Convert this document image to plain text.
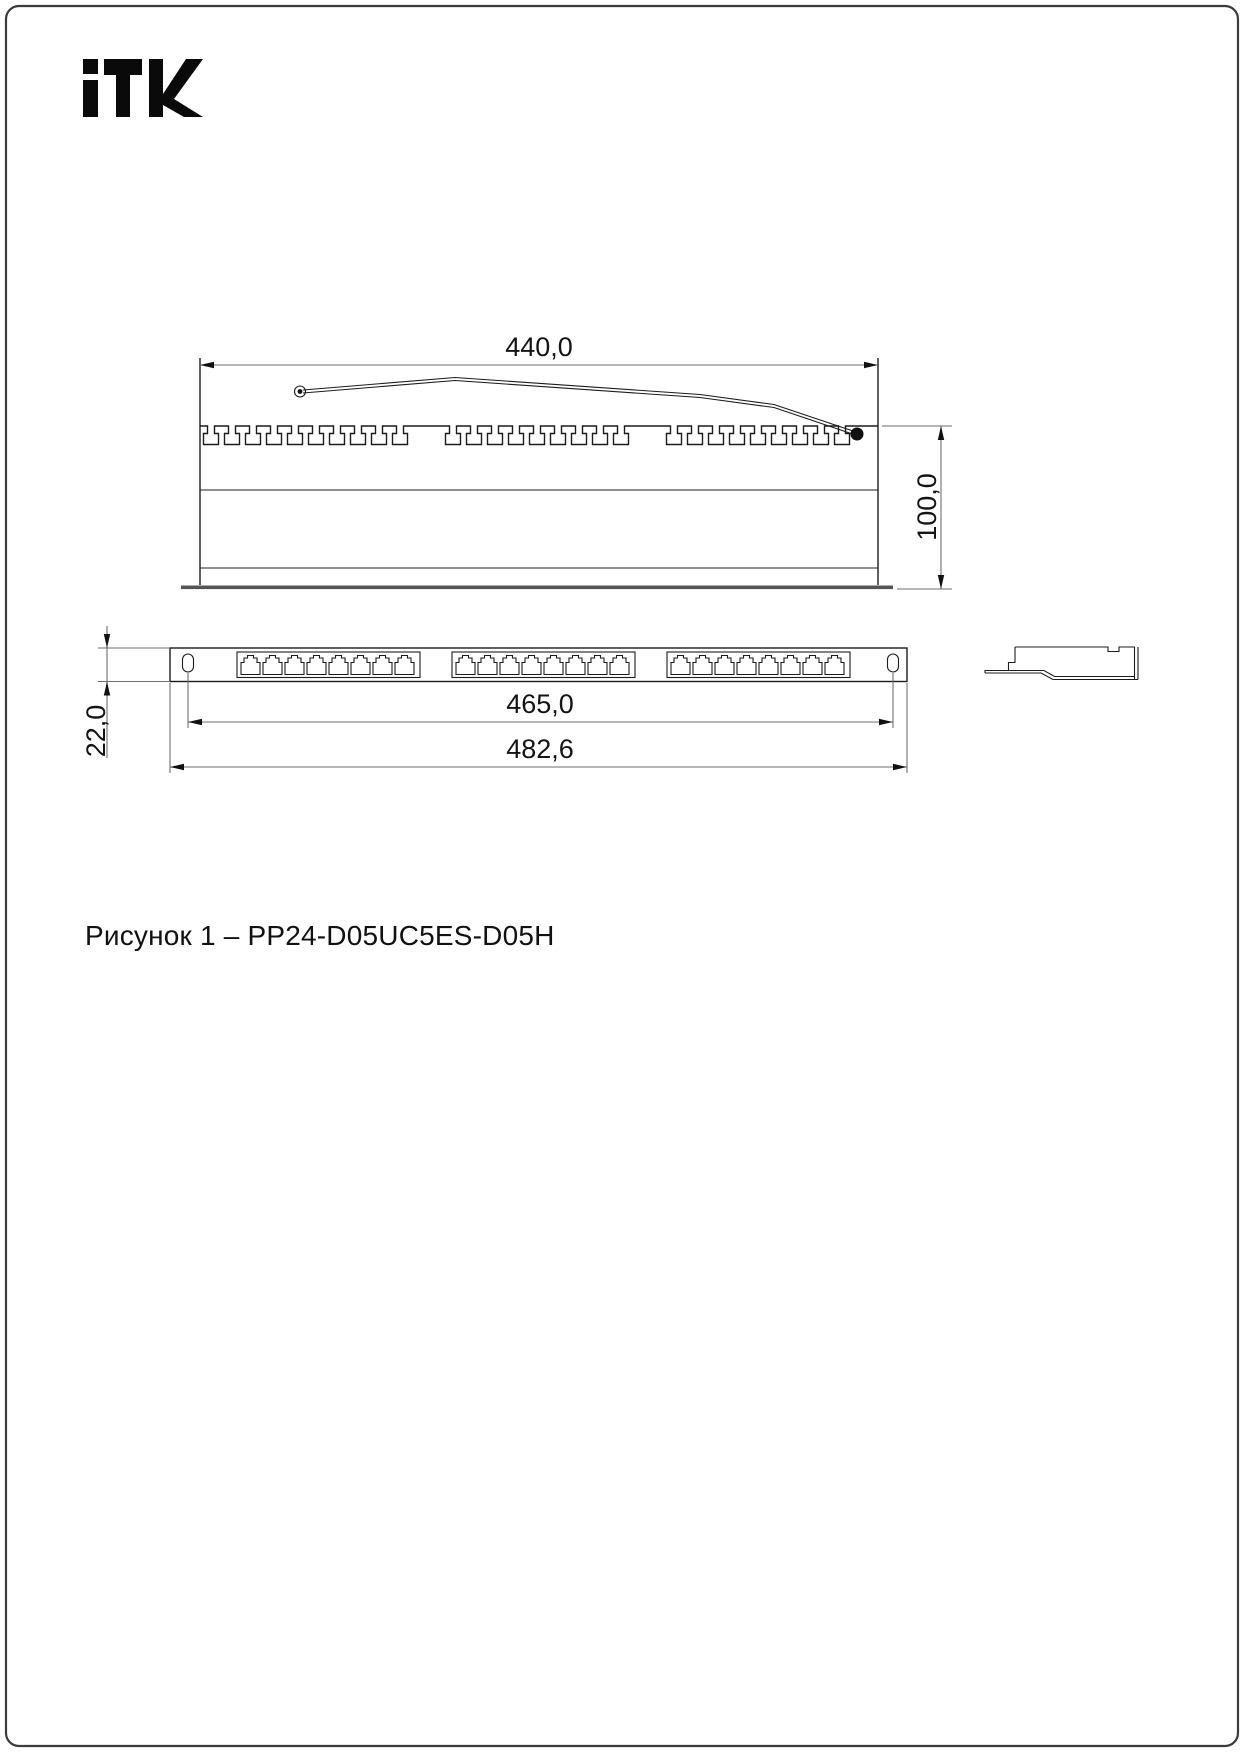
440,0
100,0
22,0
465,0
482,6
Рисунок 1 – PP24-D05UC5ES-D05H
